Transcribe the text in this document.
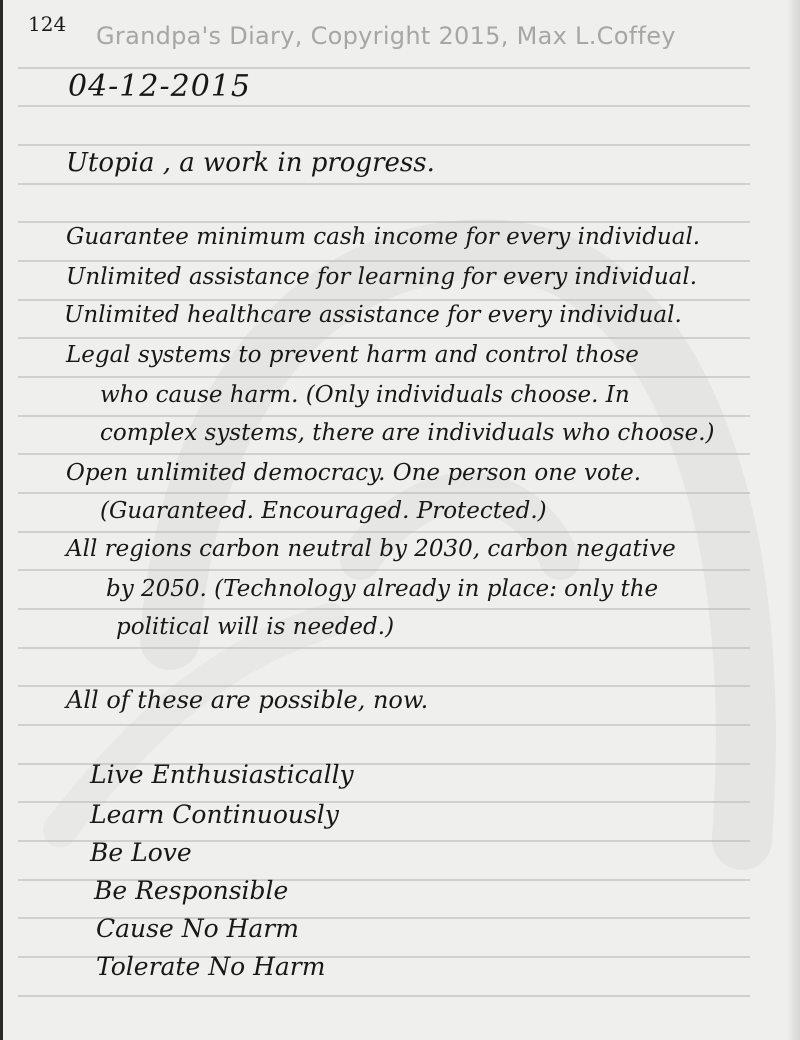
124 Grandpa's Diary, Copyright 2015, Max L.Coffey
04-12-2015
Utopia , a work in progress.
Guarantee minimum cash income for every individual.
Unlimited assistance for learning for every individual.
Unlimited healthcare assistance for every individual.
Legal systems to prevent harm and control those
who cause harm. (Only individuals choose. In
complex systems, there are individuals who choose.)
Open unlimited democracy. One person one vote.
(Guaranteed. Encouraged. Protected.)
All regions carbon neutral by 2030, carbon negative
by 2050. (Technology already in place: only the
political will is needed.)
All of these are possible, now.
Live Enthusiastically
Learn Continuously
Be Love
Be Responsible
Cause No Harm
Tolerate No Harm
